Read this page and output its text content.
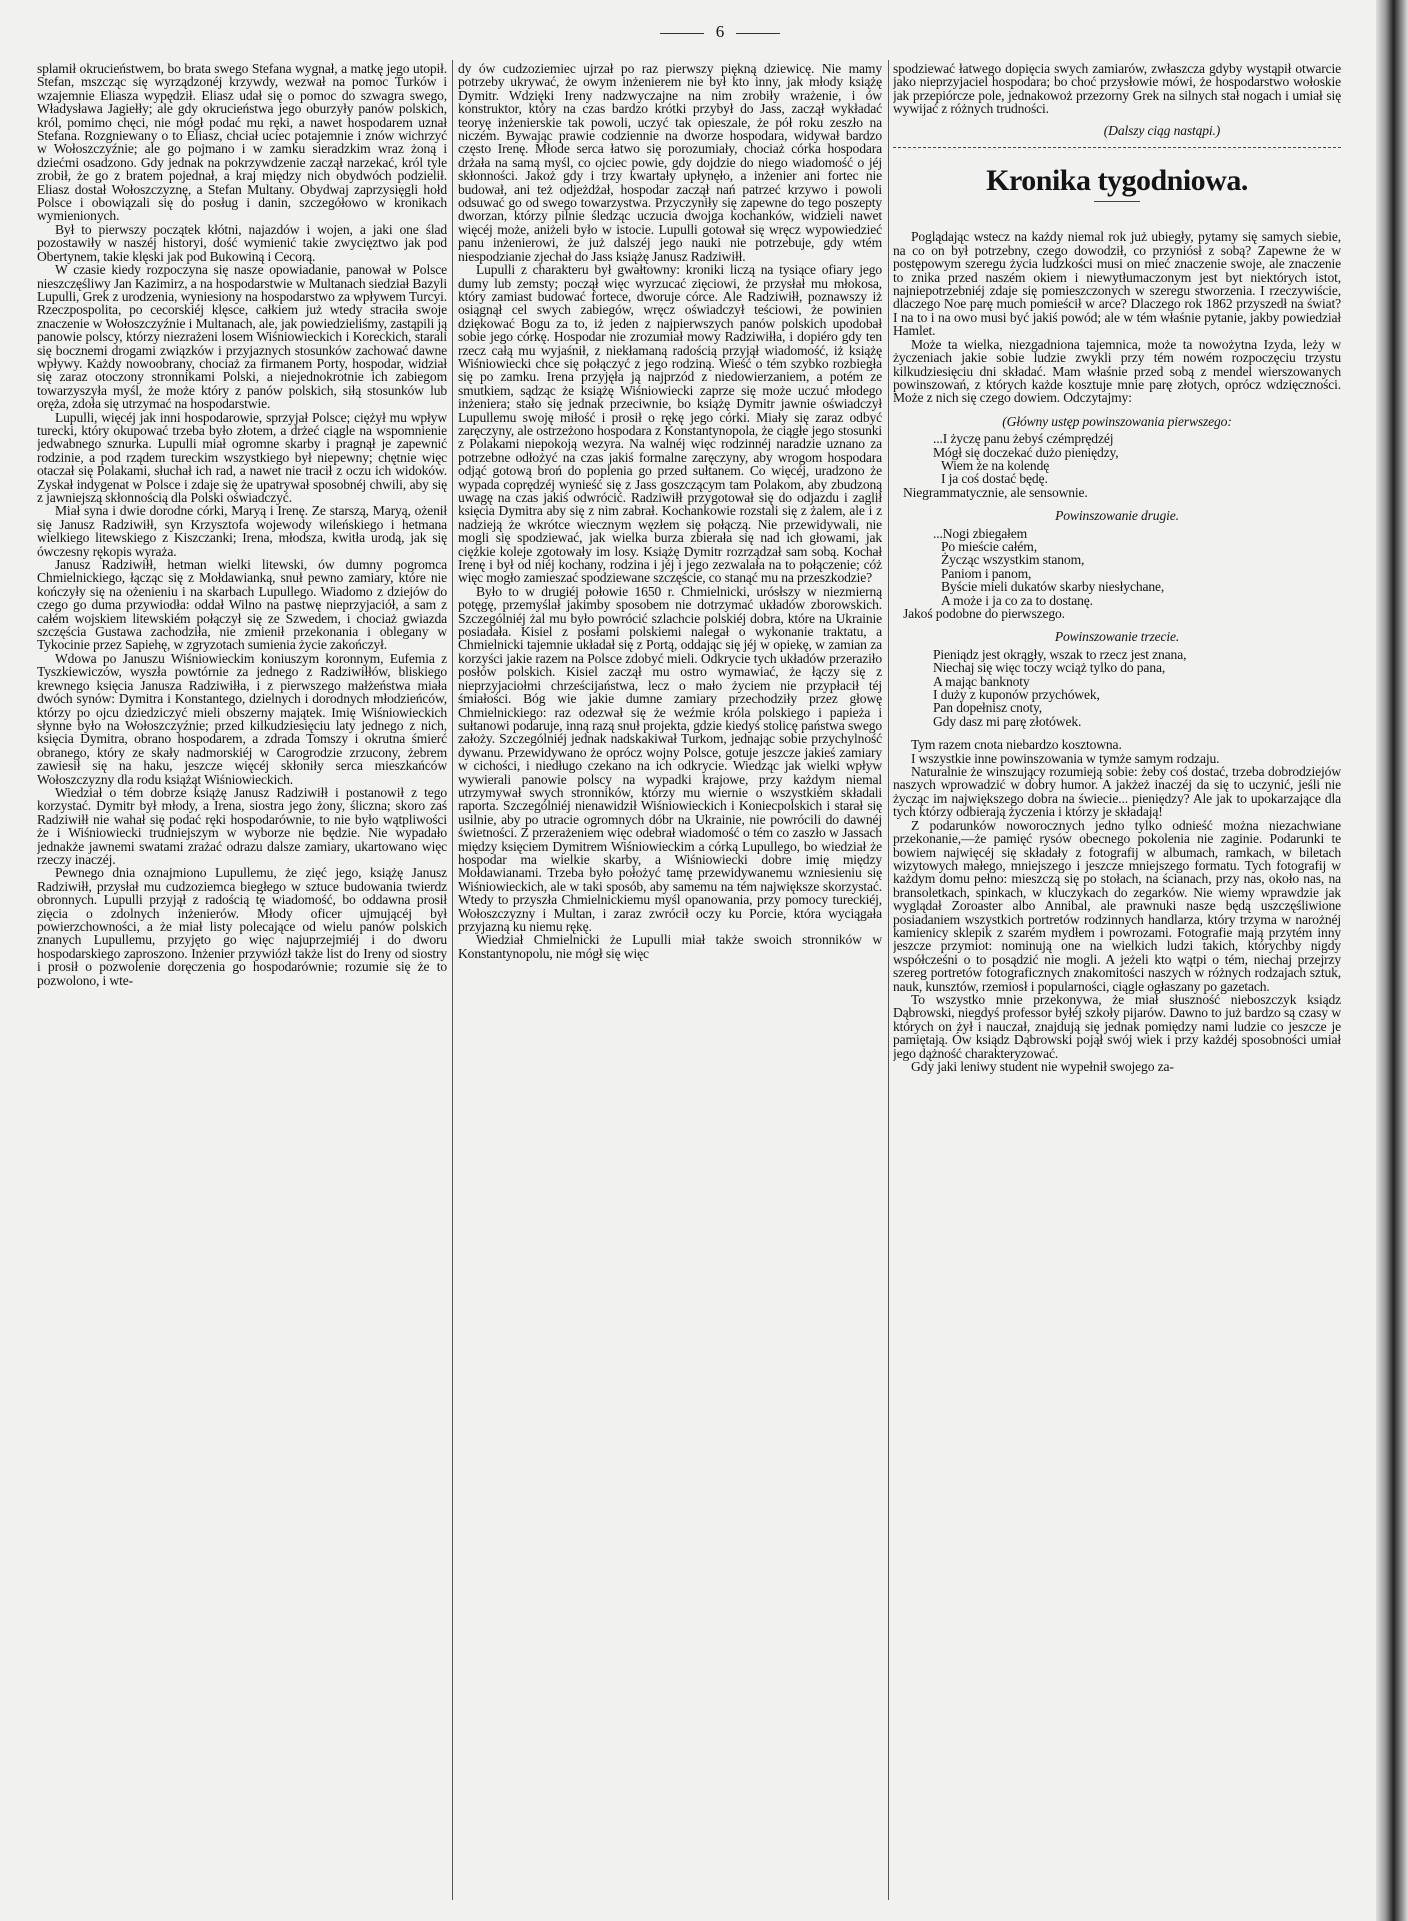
6

splamił okrucieństwem, bo brata swego Stefana wygnał, a matkę jego utopił. Stefan, mszcząc się wyrządzonéj krzywdy, wezwał na pomoc Turków i wzajemnie Eliasza wypędził. Eliasz udał się o pomoc do szwagra swego, Władysława Jagiełły; ale gdy okrucieństwa jego oburzyły panów polskich, król, pomimo chęci, nie mógł podać mu ręki, a nawet hospodarem uznał Stefana. Rozgniewany o to Eliasz, chciał uciec potajemnie i znów wichrzyć w Wołoszczyźnie; ale go pojmano i w zamku sieradzkim wraz żoną i dziećmi osadzono. Gdy jednak na pokrzywdzenie zaczął narzekać, król tyle zrobił, że go z bratem pojednał, a kraj między nich obydwóch podzielił. Eliasz dostał Wołoszczyznę, a Stefan Multany. Obydwaj zaprzysięgli hołd Polsce i obowiązali się do posług i danin, szczegółowo w kronikach wymienionych.

Był to pierwszy początek kłótni, najazdów i wojen, a jaki one ślad pozostawiły w naszéj historyi, dość wymienić takie zwycięztwo jak pod Obertynem, takie klęski jak pod Bukowiną i Cecorą.

W czasie kiedy rozpoczyna się nasze opowiadanie, panował w Polsce nieszczęśliwy Jan Kazimirz, a na hospodarstwie w Multanach siedział Bazyli Lupulli, Grek z urodzenia, wyniesiony na hospodarstwo za wpływem Turcyi. Rzeczpospolita, po cecorskiéj klęsce, całkiem już wtedy straciła swoje znaczenie w Wołoszczyźnie i Multanach, ale, jak powiedzieliśmy, zastąpili ją panowie polscy, którzy niezrażeni losem Wiśniowieckich i Koreckich, starali się bocznemi drogami związków i przyjaznych stosunków zachować dawne wpływy. Każdy nowoobrany, chociaż za firmanem Porty, hospodar, widział się zaraz otoczony stronnikami Polski, a niejednokrotnie ich zabiegom towarzyszyła myśl, że może który z panów polskich, siłą stosunków lub oręża, zdoła się utrzymać na hospodarstwie.

Lupulli, więcéj jak inni hospodarowie, sprzyjał Polsce; ciężył mu wpływ turecki, który okupować trzeba było złotem, a drżeć ciągle na wspomnienie jedwabnego sznurka. Lupulli miał ogromne skarby i pragnął je zapewnić rodzinie, a pod rządem tureckim wszystkiego był niepewny; chętnie więc otaczał się Polakami, słuchał ich rad, a nawet nie tracił z oczu ich widoków. Zyskał indygenat w Polsce i zdaje się że upatrywał sposobnéj chwili, aby się z jawniejszą skłonnością dla Polski oświadczyć.

Miał syna i dwie dorodne córki, Maryą i Irenę. Ze starszą, Maryą, ożenił się Janusz Radziwiłł, syn Krzysztofa wojewody wileńskiego i hetmana wielkiego litewskiego z Kiszczanki; Irena, młodsza, kwitła urodą, jak się ówczesny rękopis wyraża.

Janusz Radziwiłł, hetman wielki litewski, ów dumny pogromca Chmielnickiego, łącząc się z Mołdawianką, snuł pewno zamiary, które nie kończyły się na ożenieniu i na skarbach Lupullego. Wiadomo z dziejów do czego go duma przywiodła: oddał Wilno na pastwę nieprzyjaciół, a sam z całém wojskiem litewskiém połączył się ze Szwedem, i chociaż gwiazda szczęścia Gustawa zachodziła, nie zmienił przekonania i oblegany w Tykocinie przez Sapiehę, w zgryzotach sumienia życie zakończył.

Wdowa po Januszu Wiśniowieckim koniuszym koronnym, Eufemia z Tyszkiewiczów, wyszła powtórnie za jednego z Radziwiłłów, bliskiego krewnego księcia Janusza Radziwiłła, i z pierwszego małżeństwa miała dwóch synów: Dymitra i Konstantego, dzielnych i dorodnych młodzieńców, którzy po ojcu dziedziczyć mieli obszerny majątek. Imię Wiśniowieckich słynne było na Wołoszczyźnie; przed kilkudziesięciu laty jednego z nich, księcia Dymitra, obrano hospodarem, a zdrada Tomszy i okrutna śmierć obranego, który ze skały nadmorskiéj w Carogrodzie zrzucony, żebrem zawiesił się na haku, jeszcze więcéj skłoniły serca mieszkańców Wołoszczyzny dla rodu książąt Wiśniowieckich.

Wiedział o tém dobrze książę Janusz Radziwiłł i postanowił z tego korzystać. Dymitr był młody, a Irena, siostra jego żony, śliczna; skoro zaś Radziwiłł nie wahał się podać ręki hospodarównie, to nie było wątpliwości że i Wiśniowiecki trudniejszym w wyborze nie będzie. Nie wypadało jednakże jawnemi swatami zrażać odrazu dalsze zamiary, ukartowano więc rzeczy inaczéj.

Pewnego dnia oznajmiono Lupullemu, że zięć jego, książę Janusz Radziwiłł, przysłał mu cudzoziemca biegłego w sztuce budowania twierdz obronnych. Lupulli przyjął z radością tę wiadomość, bo oddawna prosił zięcia o zdolnych inżenierów. Młody oficer ujmującéj był powierzchowności, a że miał listy polecające od wielu panów polskich znanych Lupullemu, przyjęto go więc najuprzejmiéj i do dworu hospodarskiego zaproszono. Inżenier przywiózł także list do Ireny od siostry i prosił o pozwolenie doręczenia go hospodarównie; rozumie się że to pozwolono, i wte-

dy ów cudzoziemiec ujrzał po raz pierwszy piękną dziewicę. Nie mamy potrzeby ukrywać, że owym inżenierem nie był kto inny, jak młody książę Dymitr. Wdzięki Ireny nadzwyczajne na nim zrobiły wrażenie, i ów konstruktor, który na czas bardzo krótki przybył do Jass, zaczął wykładać teoryę inżenierskie tak powoli, uczyć tak opieszale, że pół roku zeszło na niczém. Bywając prawie codziennie na dworze hospodara, widywał bardzo często Irenę. Młode serca łatwo się porozumiały, chociaż córka hospodara drżała na samą myśl, co ojciec powie, gdy dojdzie do niego wiadomość o jéj skłonności. Jakoż gdy i trzy kwartały upłynęło, a inżenier ani fortec nie budował, ani też odjeżdżał, hospodar zaczął nań patrzeć krzywo i powoli odsuwać go od swego towarzystwa. Przyczyniły się zapewne do tego poszepty dworzan, którzy pilnie śledząc uczucia dwojga kochanków, widzieli nawet więcéj może, aniżeli było w istocie. Lupulli gotował się wręcz wypowiedzieć panu inżenierowi, że już dalszéj jego nauki nie potrzebuje, gdy wtém niespodzianie zjechał do Jass książę Janusz Radziwiłł.

Lupulli z charakteru był gwałtowny: kroniki liczą na tysiące ofiary jego dumy lub zemsty; począł więc wyrzucać zięciowi, że przysłał mu młokosa, który zamiast budować fortece, dworuje córce. Ale Radziwiłł, poznawszy iż osiągnął cel swych zabiegów, wręcz oświadczył teściowi, że powinien dziękować Bogu za to, iż jeden z najpierwszych panów polskich upodobał sobie jego córkę. Hospodar nie zrozumiał mowy Radziwiłła, i dopiéro gdy ten rzecz całą mu wyjaśnił, z niekłamaną radością przyjął wiadomość, iż książę Wiśniowiecki chce się połączyć z jego rodziną. Wieść o tém szybko rozbiegła się po zamku. Irena przyjęła ją najprzód z niedowierzaniem, a potém ze smutkiem, sądząc że książę Wiśniowiecki zaprze się może uczuć młodego inżeniera; stało się jednak przeciwnie, bo książę Dymitr jawnie oświadczył Lupullemu swoję miłość i prosił o rękę jego córki. Miały się zaraz odbyć zaręczyny, ale ostrzeżono hospodara z Konstantynopola, że ciągłe jego stosunki z Polakami niepokoją wezyra. Na walnéj więc rodzinnéj naradzie uznano za potrzebne odłożyć na czas jakiś formalne zaręczyny, aby wrogom hospodara odjąć gotową broń do poplenia go przed sułtanem. Co więcéj, uradzono że wypada coprędzéj wynieść się z Jass goszczącym tam Polakom, aby zbudzoną uwagę na czas jakiś odwrócić. Radziwiłł przygotował się do odjazdu i zaglił księcia Dymitra aby się z nim zabrał. Kochankowie rozstali się z żalem, ale i z nadzieją że wkrótce wiecznym węzłem się połączą. Nie przewidywali, nie mogli się spodziewać, jak wielka burza zbierała się nad ich głowami, jak ciężkie koleje zgotowały im losy. Książę Dymitr rozrządzał sam sobą. Kochał Irenę i był od niéj kochany, rodzina i jéj i jego zezwalała na to połączenie; cóż więc mogło zamieszać spodziewane szczęście, co stanąć mu na przeszkodzie?

Było to w drugiéj połowie 1650 r. Chmielnicki, urósłszy w niezmierną potęgę, przemyślał jakimby sposobem nie dotrzymać układów zborowskich. Szczególniéj żal mu było powrócić szlachcie polskiéj dobra, które na Ukrainie posiadała. Kisiel z posłami polskiemi nalegał o wykonanie traktatu, a Chmielnicki tajemnie układał się z Portą, oddając się jéj w opiekę, w zamian za korzyści jakie razem na Polsce zdobyć mieli. Odkrycie tych układów przeraziło posłów polskich. Kisiel zaczął mu ostro wymawiać, że łączy się z nieprzyjaciołmi chrześcijaństwa, lecz o mało życiem nie przypłacił téj śmiałości. Bóg wie jakie dumne zamiary przechodziły przez głowę Chmielnickiego: raz odezwał się że weźmie króla polskiego i papieża i sułtanowi podaruje, inną razą snuł projekta, gdzie kiedyś stolicę państwa swego założy. Szczególniéj jednak nadskakiwał Turkom, jednając sobie przychylność dywanu. Przewidywano że oprócz wojny Polsce, gotuje jeszcze jakieś zamiary w cichości, i niedługo czekano na ich odkrycie. Wiedząc jak wielki wpływ wywierali panowie polscy na wypadki krajowe, przy każdym niemal utrzymywał swych stronników, którzy mu wiernie o wszystkiém składali raporta. Szczególniéj nienawidził Wiśniowieckich i Koniecpolskich i starał się usilnie, aby po utracie ogromnych dóbr na Ukrainie, nie powrócili do dawnéj świetności. Z przerażeniem więc odebrał wiadomość o tém co zaszło w Jassach między księciem Dymitrem Wiśniowieckim a córką Lupullego, bo wiedział że hospodar ma wielkie skarby, a Wiśniowiecki dobre imię między Mołdawianami. Trzeba było położyć tamę przewidywanemu wzniesieniu się Wiśniowieckich, ale w taki sposób, aby samemu na tém największe skorzystać. Wtedy to przyszła Chmielnickiemu myśl opanowania, przy pomocy tureckiéj, Wołoszczyzny i Multan, i zaraz zwrócił oczy ku Porcie, która wyciągała przyjazną ku niemu rękę.

Wiedział Chmielnicki że Lupulli miał także swoich stronników w Konstantynopolu, nie mógł się więc

spodziewać łatwego dopięcia swych zamiarów, zwłaszcza gdyby wystąpił otwarcie jako nieprzyjaciel hospodara; bo choć przysłowie mówi, że hospodarstwo wołoskie jak przepiórcze pole, jednakowoż przezorny Grek na silnych stał nogach i umiał się wywijać z różnych trudności.

(Dalszy ciąg nastąpi.)
Kronika tygodniowa.

Poglądając wstecz na każdy niemal rok już ubiegły, pytamy się samych siebie, na co on był potrzebny, czego dowodził, co przyniósł z sobą? Zapewne że w postępowym szeregu życia ludzkości musi on mieć znaczenie swoje, ale znaczenie to znika przed naszém okiem i niewytłumaczonym jest byt niektórych istot, najniepotrzebniéj zdaje się pomieszczonych w szeregu stworzenia. I rzeczywiście, dlaczego Noe parę much pomieścił w arce? Dlaczego rok 1862 przyszedł na świat? I na to i na owo musi być jakiś powód; ale w tém właśnie pytanie, jakby powiedział Hamlet.

Może ta wielka, niezgadniona tajemnica, może ta nowożytna Izyda, leży w życzeniach jakie sobie ludzie zwykli przy tém nowém rozpoczęciu trzystu kilkudziesięciu dni składać. Mam właśnie przed sobą z mendel wierszowanych powinszowań, z których każde kosztuje mnie parę złotych, oprócz wdzięczności. Może z nich się czego dowiem. Odczytajmy:

(Główny ustęp powinszowania pierwszego:
...I życzę panu żebyś czémprędzéj
Mógł się doczekać dużo pieniędzy,
Wiem że na kolendę
I ja coś dostać będę.

Niegrammatycznie, ale sensownie.

Powinszowanie drugie.
...Nogi zbiegałem
Po mieście całém,
Życząc wszystkim stanom,
Paniom i panom,
Byście mieli dukatów skarby niesłychane,
A może i ja co za to dostanę.

Jakoś podobne do pierwszego.

Powinszowanie trzecie.
Pieniądz jest okrągły, wszak to rzecz jest znana,
Niechaj się więc toczy wciąż tylko do pana,
A mając banknoty
I duży z kuponów przychówek,
Pan dopełnisz cnoty,
Gdy dasz mi parę złotówek.

Tym razem cnota niebardzo kosztowna.

I wszystkie inne powinszowania w tymże samym rodzaju.

Naturalnie że winszujący rozumieją sobie: żeby coś dostać, trzeba dobrodziejów naszych wprowadzić w dobry humor. A jakżeż inaczéj da się to uczynić, jeśli nie życząc im największego dobra na świecie... pieniędzy? Ale jak to upokarzające dla tych którzy odbierają życzenia i którzy je składają!

Z podarunków noworocznych jedno tylko odnieść można niezachwiane przekonanie,—że pamięć rysów obecnego pokolenia nie zaginie. Podarunki te bowiem najwięcéj się składały z fotografij w albumach, ramkach, w biletach wizytowych małego, mniejszego i jeszcze mniejszego formatu. Tych fotografij w każdym domu pełno: mieszczą się po stołach, na ścianach, przy nas, około nas, na bransoletkach, spinkach, w kluczykach do zegarków. Nie wiemy wprawdzie jak wyglądał Zoroaster albo Annibal, ale prawnuki nasze będą uszczęśliwione posiadaniem wszystkich portretów rodzinnych handlarza, który trzyma w narożnéj kamienicy sklepik z szarém mydłem i powrozami. Fotografie mają przytém inny jeszcze przymiot: nominują one na wielkich ludzi takich, którychby nigdy współcześni o to posądzić nie mogli. A jeżeli kto wątpi o tém, niechaj przejrzy szereg portretów fotograficznych znakomitości naszych w różnych rodzajach sztuk, nauk, kunsztów, rzemiosł i popularności, ciągle ogłaszany po gazetach.

To wszystko mnie przekonywa, że miał słuszność nieboszczyk ksiądz Dąbrowski, niegdyś professor byłéj szkoły pijarów. Dawno to już bardzo są czasy w których on żył i nauczał, znajdują się jednak pomiędzy nami ludzie co jeszcze je pamiętają. Ów ksiądz Dąbrowski pojął swój wiek i przy każdéj sposobności umiał jego dążność charakteryzować.

Gdy jaki leniwy student nie wypełnił swojego za-
